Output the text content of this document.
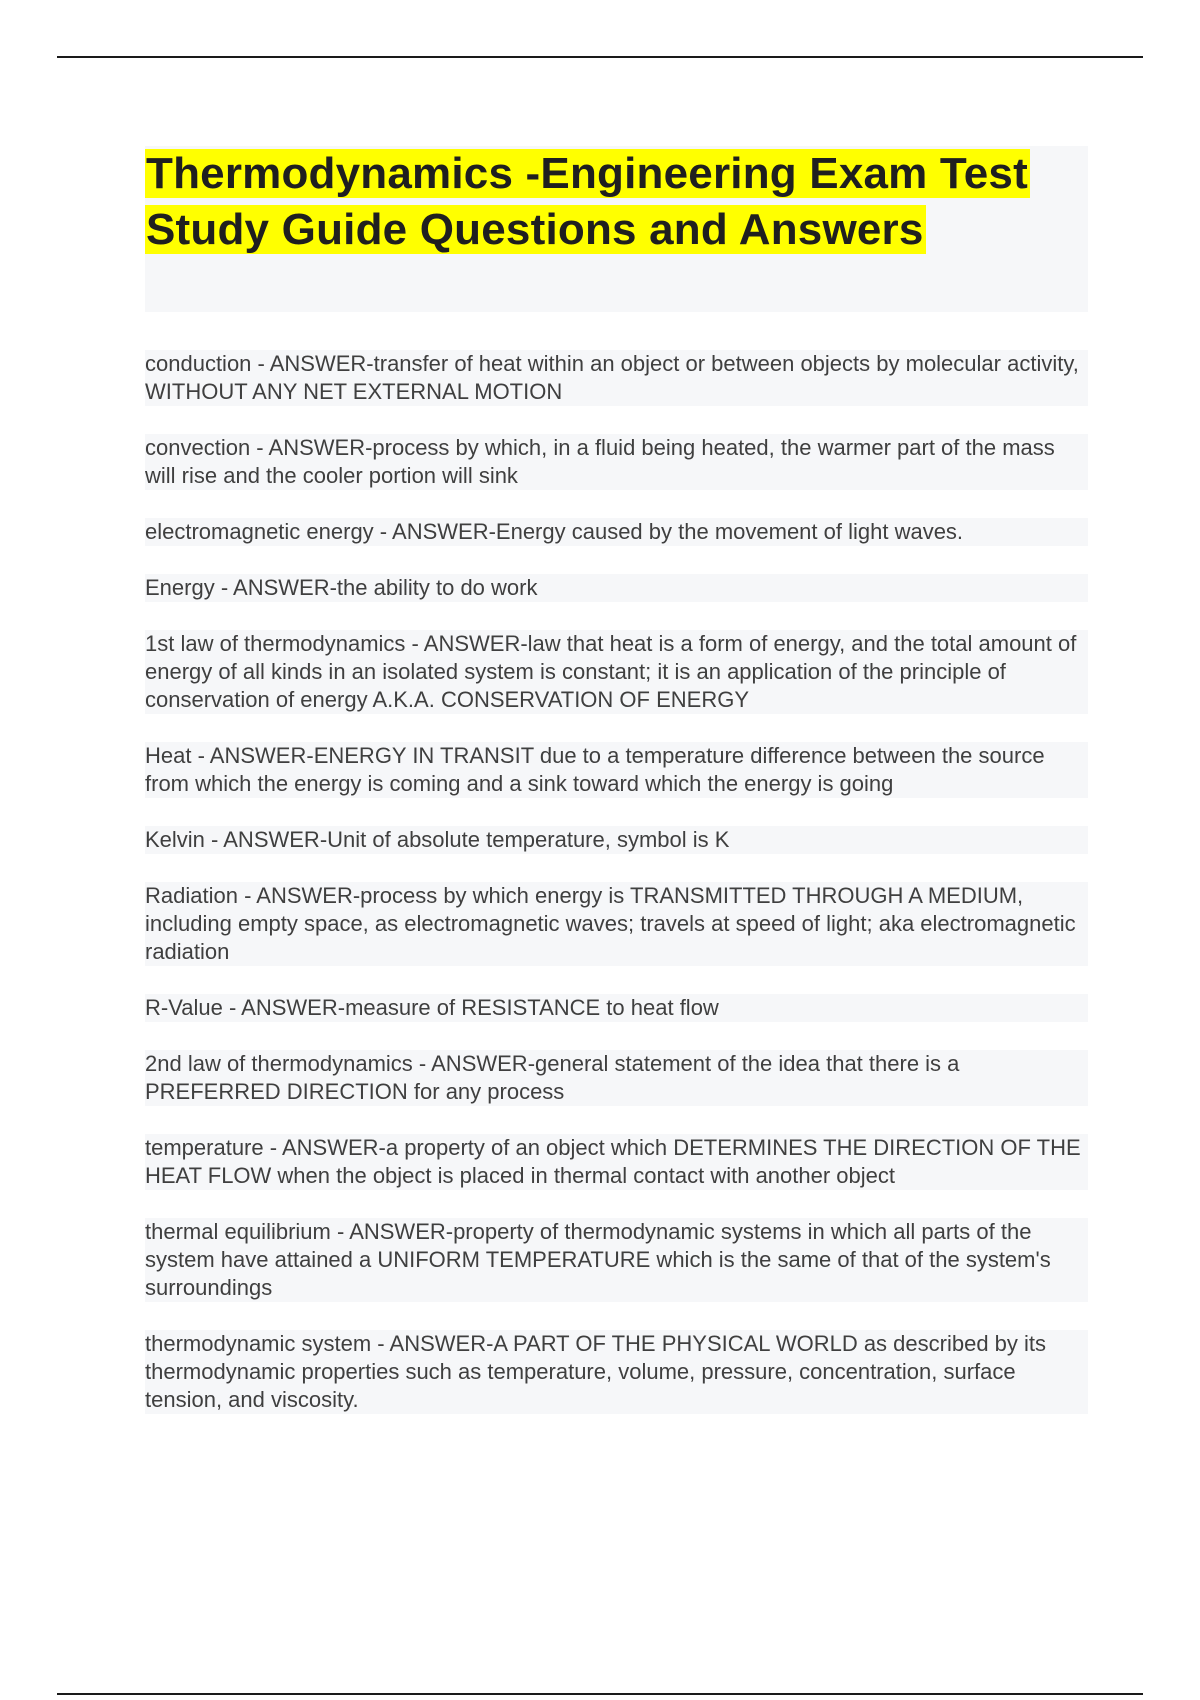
Thermodynamics -Engineering Exam Test Study Guide Questions and Answers
conduction - ANSWER-transfer of heat within an object or between objects by molecular activity, WITHOUT ANY NET EXTERNAL MOTION
convection - ANSWER-process by which, in a fluid being heated, the warmer part of the mass will rise and the cooler portion will sink
electromagnetic energy - ANSWER-Energy caused by the movement of light waves.
Energy - ANSWER-the ability to do work
1st law of thermodynamics - ANSWER-law that heat is a form of energy, and the total amount of energy of all kinds in an isolated system is constant; it is an application of the principle of conservation of energy A.K.A. CONSERVATION OF ENERGY
Heat - ANSWER-ENERGY IN TRANSIT due to a temperature difference between the source from which the energy is coming and a sink toward which the energy is going
Kelvin - ANSWER-Unit of absolute temperature, symbol is K
Radiation - ANSWER-process by which energy is TRANSMITTED THROUGH A MEDIUM, including empty space, as electromagnetic waves; travels at speed of light; aka electromagnetic radiation
R-Value - ANSWER-measure of RESISTANCE to heat flow
2nd law of thermodynamics - ANSWER-general statement of the idea that there is a PREFERRED DIRECTION for any process
temperature - ANSWER-a property of an object which DETERMINES THE DIRECTION OF THE HEAT FLOW when the object is placed in thermal contact with another object
thermal equilibrium - ANSWER-property of thermodynamic systems in which all parts of the system have attained a UNIFORM TEMPERATURE which is the same of that of the system's surroundings
thermodynamic system - ANSWER-A PART OF THE PHYSICAL WORLD as described by its thermodynamic properties such as temperature, volume, pressure, concentration, surface tension, and viscosity.
